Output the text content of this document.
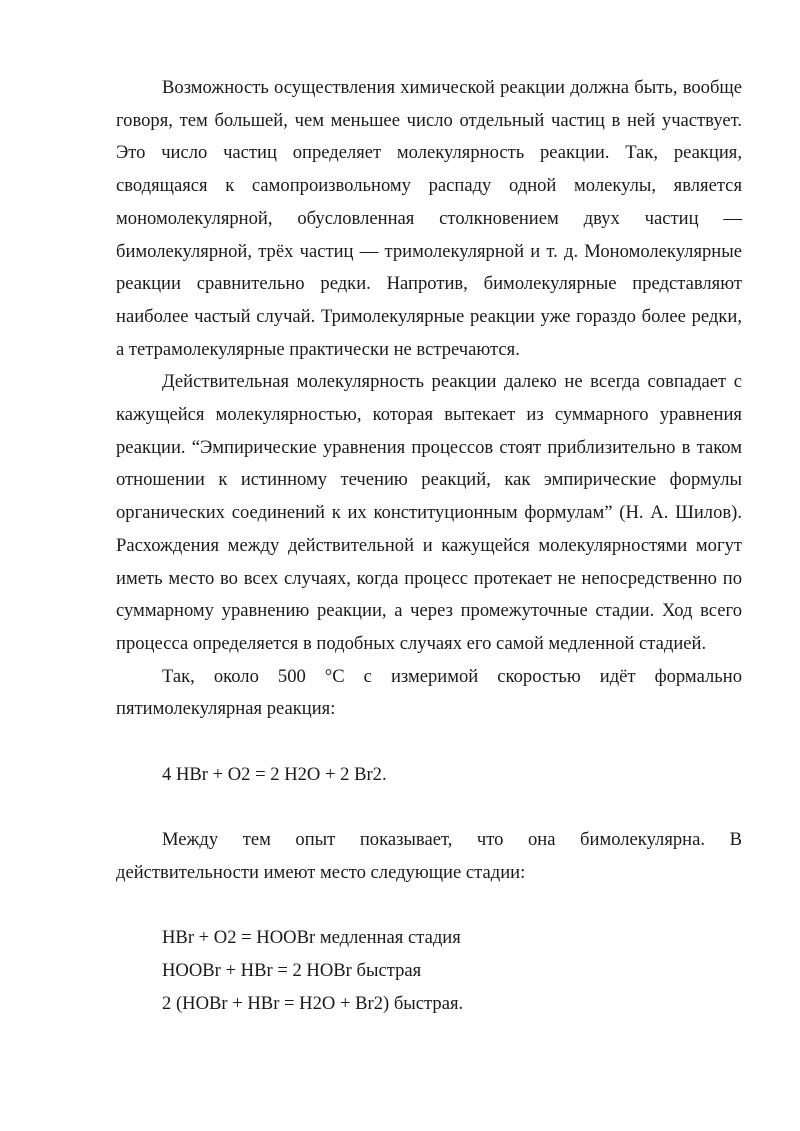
Возможность осуществления химической реакции должна быть, вообще говоря, тем большей, чем меньшее число отдельный частиц в ней участвует. Это число частиц определяет молекулярность реакции. Так, реакция, сводящаяся к самопроизвольному распаду одной молекулы, является мономолекулярной, обусловленная столкновением двух частиц — бимолекулярной, трёх частиц — тримолекулярной и т. д. Мономолекулярные реакции сравнительно редки. Напротив, бимолекулярные представляют наиболее частый случай. Тримолекулярные реакции уже гораздо более редки, а тетрамолекулярные практически не встречаются.

Действительная молекулярность реакции далеко не всегда совпадает с кажущейся молекулярностью, которая вытекает из суммарного уравнения реакции. “Эмпирические уравнения процессов стоят приблизительно в таком отношении к истинному течению реакций, как эмпирические формулы органических соединений к их конституционным формулам” (Н. А. Шилов). Расхождения между действительной и кажущейся молекулярностями могут иметь место во всех случаях, когда процесс протекает не непосредственно по суммарному уравнению реакции, а через промежуточные стадии. Ход всего процесса определяется в подобных случаях его самой медленной стадией.

Так, около 500 °С с измеримой скоростью идёт формально пятимолекулярная реакция:

4 HBr + O2 = 2 H2O + 2 Br2.

Между тем опыт показывает, что она бимолекулярна. В действительности имеют место следующие стадии:

HBr + O2 = HOOBr медленная стадия

HOOBr + HBr = 2 HOBr быстрая

2 (HOBr + HBr = H2O + Br2) быстрая.
